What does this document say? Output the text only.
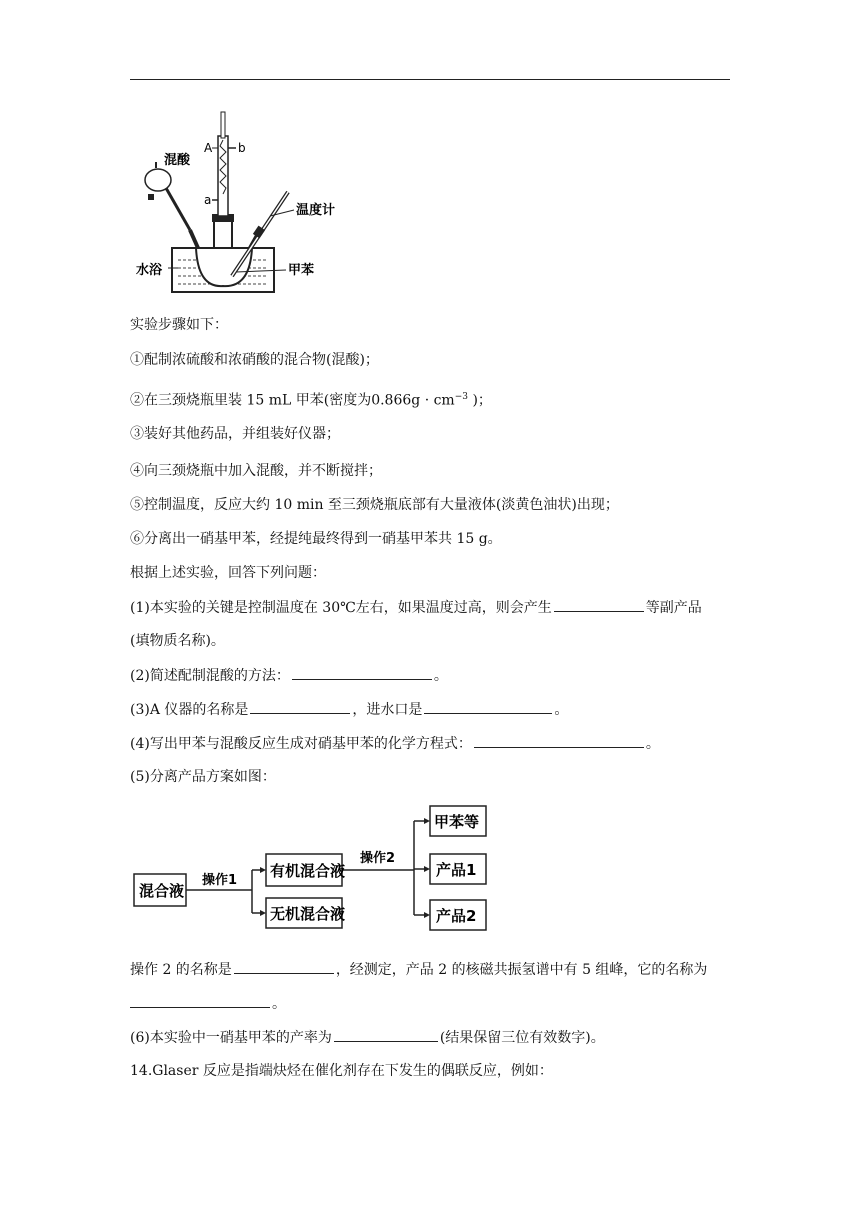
混酸
A b
a
温度计
水浴	甲苯
实验步骤如下：
①配制浓硫酸和浓硝酸的混合物(混酸)；
②在三颈烧瓶里装 15 mL 甲苯(密度为$0.866g \cdot cm^{-3}$ )；
③装好其他药品，并组装好仪器；
④向三颈烧瓶中加入混酸，并不断搅拌；
⑤控制温度，反应大约 10 min 至三颈烧瓶底部有大量液体(淡黄色油状)出现；
⑥分离出一硝基甲苯，经提纯最终得到一硝基甲苯共 15 g。
根据上述实验，回答下列问题：
(1)本实验的关键是控制温度在 30℃左右，如果温度过高，则会产生	等副产品
(填物质名称)。
(2)简述配制混酸的方法：	。
(3)A 仪器的名称是	，进水口是	。
(4)写出甲苯与混酸反应生成对硝基甲苯的化学方程式：	。
(5)分离产品方案如图：
混合液
操作1
有机混合液
无机混合液
操作2
甲苯等
产品1
产品2
操作 2 的名称是	，经测定，产品 2 的核磁共振氢谱中有 5 组峰，它的名称为
。
(6)本实验中一硝基甲苯的产率为	(结果保留三位有效数字)。
14.Glaser 反应是指端炔烃在催化剂存在下发生的偶联反应，例如：
